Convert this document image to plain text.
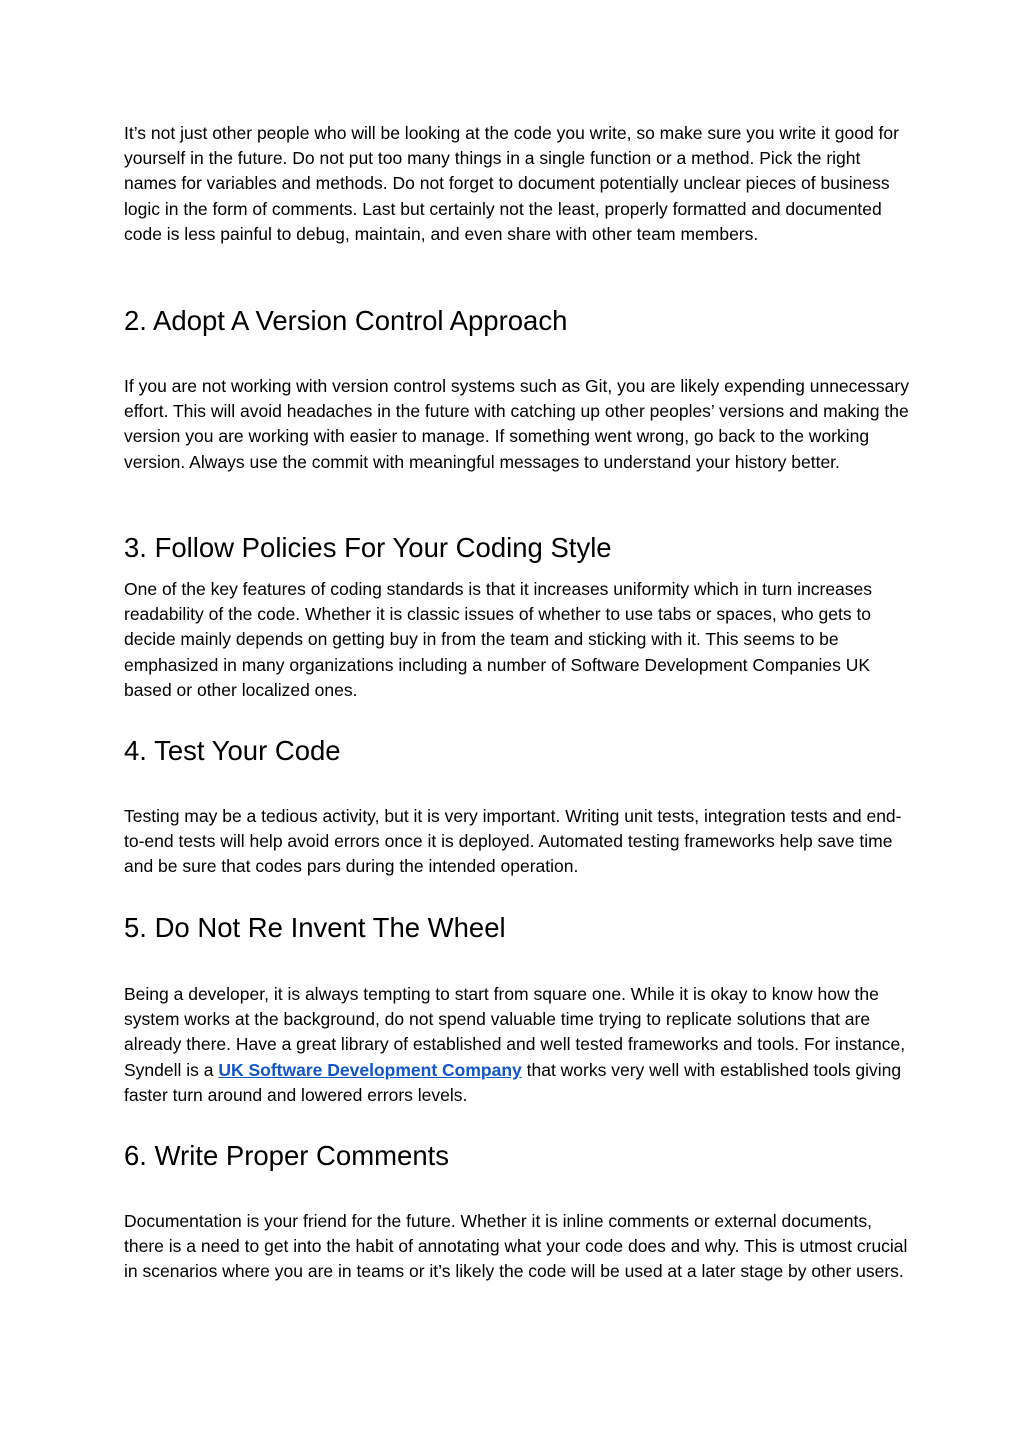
It’s not just other people who will be looking at the code you write, so make sure you write it good for yourself in the future. Do not put too many things in a single function or a method. Pick the right names for variables and methods. Do not forget to document potentially unclear pieces of business logic in the form of comments. Last but certainly not the least, properly formatted and documented code is less painful to debug, maintain, and even share with other team members.

2. Adopt A Version Control Approach

If you are not working with version control systems such as Git, you are likely expending unnecessary effort. This will avoid headaches in the future with catching up other peoples’ versions and making the version you are working with easier to manage. If something went wrong, go back to the working version. Always use the commit with meaningful messages to understand your history better.

3. Follow Policies For Your Coding Style

One of the key features of coding standards is that it increases uniformity which in turn increases readability of the code. Whether it is classic issues of whether to use tabs or spaces, who gets to decide mainly depends on getting buy in from the team and sticking with it. This seems to be emphasized in many organizations including a number of Software Development Companies UK based or other localized ones.

4. Test Your Code

Testing may be a tedious activity, but it is very important. Writing unit tests, integration tests and end-to-end tests will help avoid errors once it is deployed. Automated testing frameworks help save time and be sure that codes pars during the intended operation.

5. Do Not Re Invent The Wheel

Being a developer, it is always tempting to start from square one. While it is okay to know how the system works at the background, do not spend valuable time trying to replicate solutions that are already there. Have a great library of established and well tested frameworks and tools. For instance, Syndell is a UK Software Development Company that works very well with established tools giving faster turn around and lowered errors levels.

6. Write Proper Comments

Documentation is your friend for the future. Whether it is inline comments or external documents, there is a need to get into the habit of annotating what your code does and why. This is utmost crucial in scenarios where you are in teams or it’s likely the code will be used at a later stage by other users.
